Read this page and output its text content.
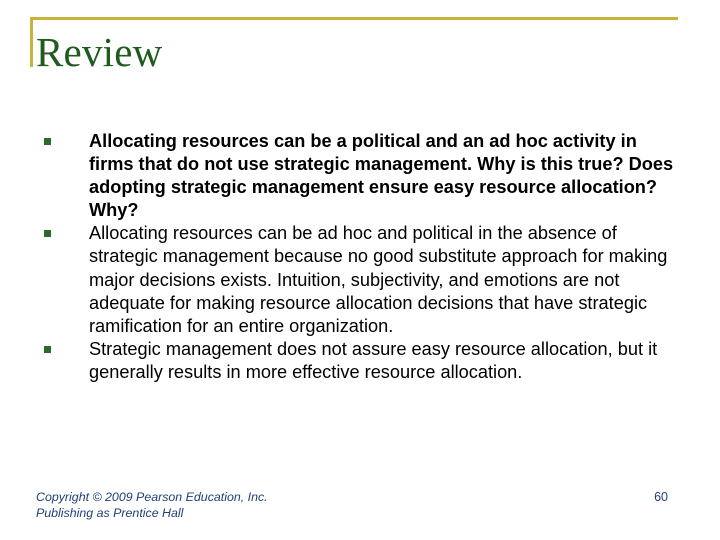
Review
Allocating resources can be a political and an ad hoc activity in firms that do not use strategic management. Why is this true? Does adopting strategic management ensure easy resource allocation? Why?
Allocating resources can be ad hoc and political in the absence of strategic management because no good substitute approach for making major decisions exists. Intuition, subjectivity, and emotions are not adequate for making resource allocation decisions that have strategic ramification for an entire organization.
Strategic management does not assure easy resource allocation, but it generally results in more effective resource allocation.
Copyright © 2009 Pearson Education, Inc.
Publishing as Prentice Hall
60
